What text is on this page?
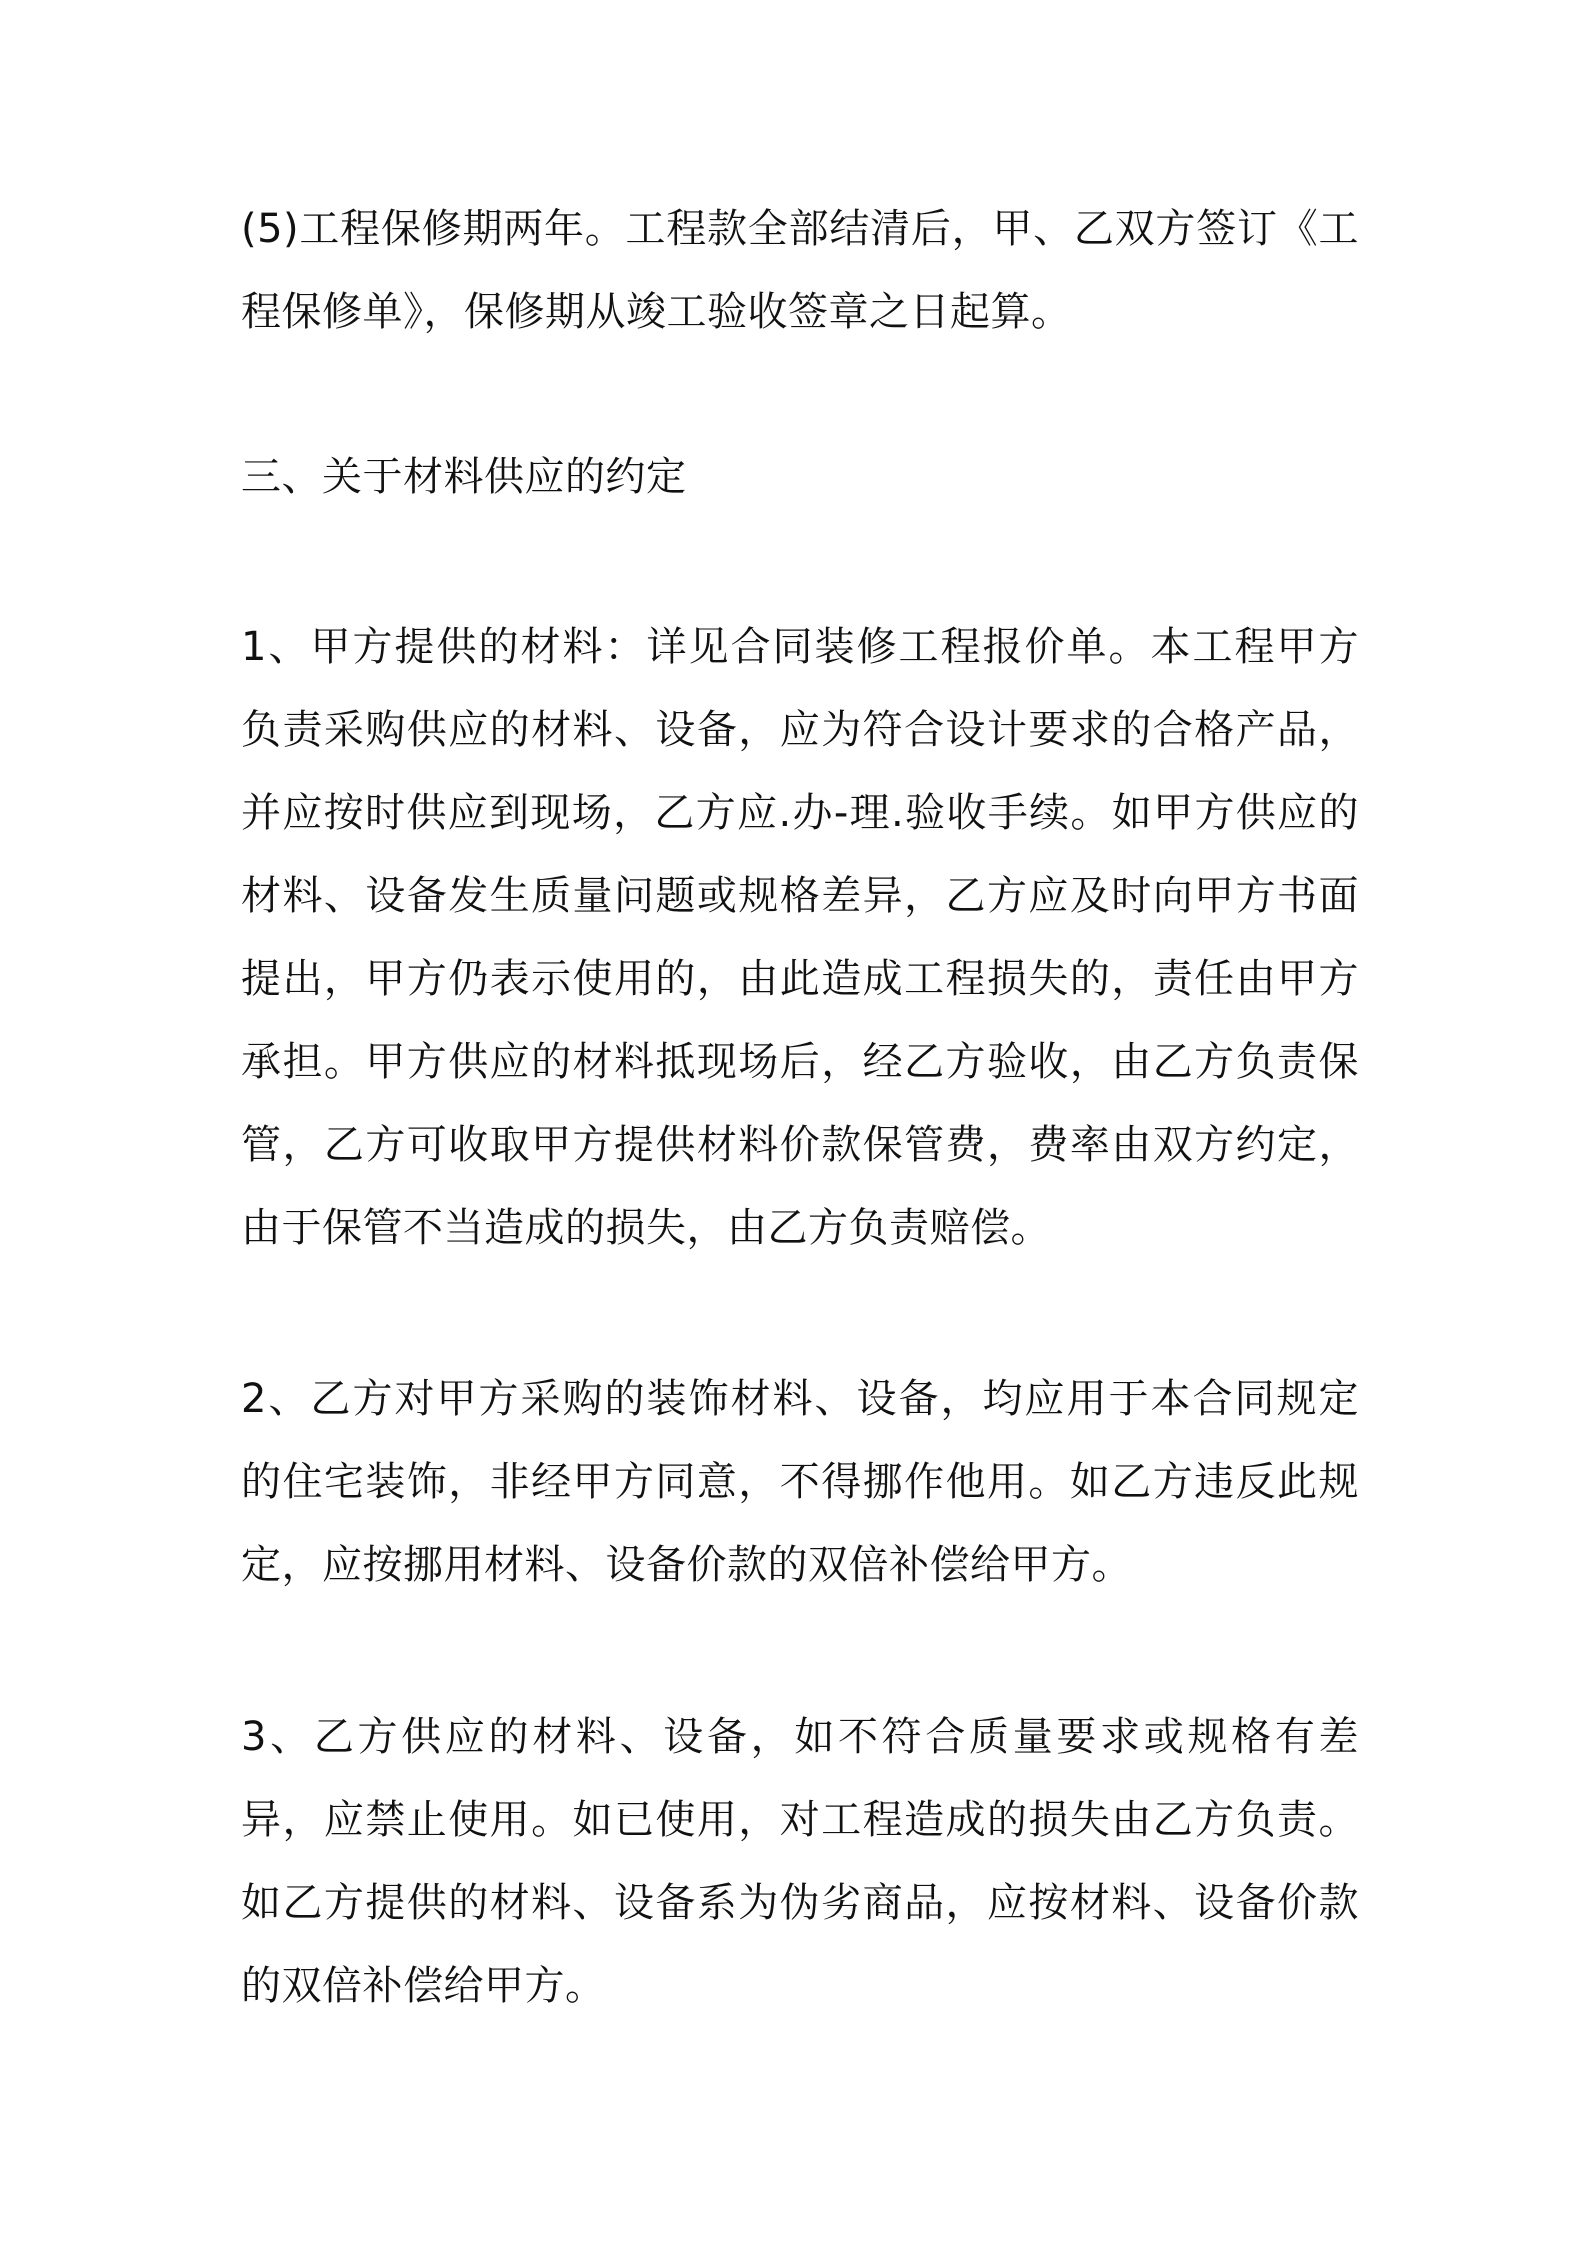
(5)工程保修期两年。工程款全部结清后，甲、乙双方签订《工程保修单》，保修期从竣工验收签章之日起算。

三、关于材料供应的约定

1、甲方提供的材料：详见合同装修工程报价单。本工程甲方负责采购供应的材料、设备，应为符合设计要求的合格产品，并应按时供应到现场，乙方应.办-理.验收手续。如甲方供应的材料、设备发生质量问题或规格差异，乙方应及时向甲方书面提出，甲方仍表示使用的，由此造成工程损失的，责任由甲方承担。甲方供应的材料抵现场后，经乙方验收，由乙方负责保管，乙方可收取甲方提供材料价款保管费，费率由双方约定，由于保管不当造成的损失，由乙方负责赔偿。

2、乙方对甲方采购的装饰材料、设备，均应用于本合同规定的住宅装饰，非经甲方同意，不得挪作他用。如乙方违反此规定，应按挪用材料、设备价款的双倍补偿给甲方。

3、乙方供应的材料、设备，如不符合质量要求或规格有差异，应禁止使用。如已使用，对工程造成的损失由乙方负责。如乙方提供的材料、设备系为伪劣商品，应按材料、设备价款的双倍补偿给甲方。
